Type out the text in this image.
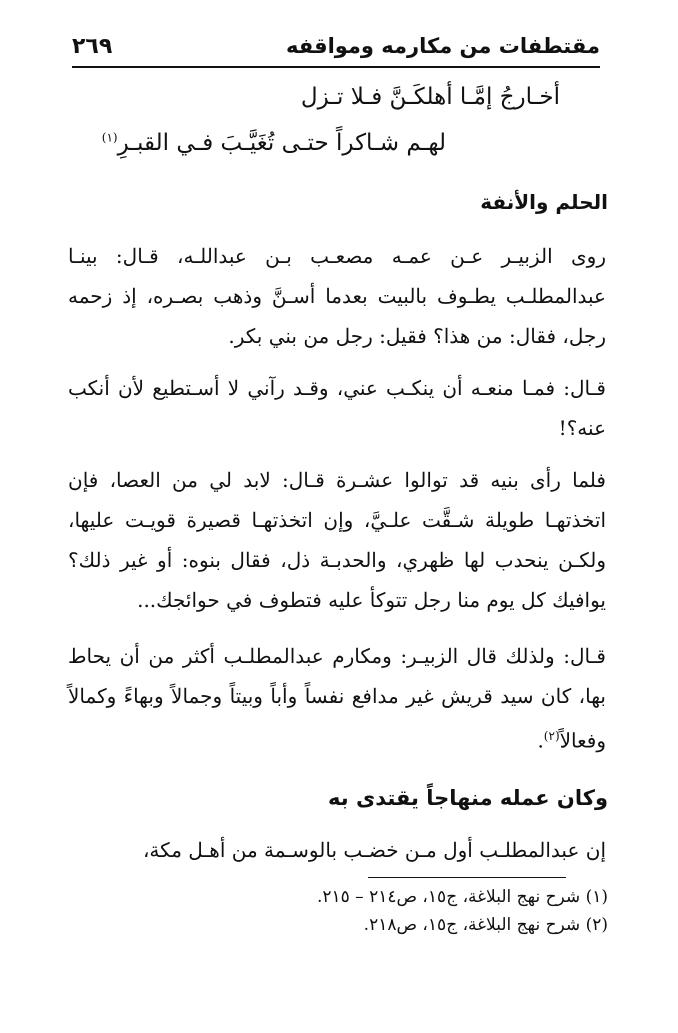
مقتطفات من مكارمه ومواقفه
٢٦٩
أخـارجُ إمَّـا أهلكَـنَّ فـلا تـزل
لهـم شـاكراً حتـى تُغَيَّـبَ فـي القبـرِ$^{(١)}$
الحلم والأنفة

روى الزبيـر عـن عمـه مصعـب بـن عبداللـه، قـال: بينـا عبدالمطلـب يطـوف بالبيت بعدما أسـنَّ وذهب بصـره، إذ زحمه رجل، فقال: من هذا؟ فقيل: رجل من بني بكر.

قـال: فمـا منعـه أن ينكـب عني، وقـد رآني لا أسـتطيع لأن أنكب عنه؟!

فلما رأى بنيه قد توالوا عشـرة قـال: لابد لي من العصا، فإن اتخذتهـا طويلة شـقَّت علـيَّ، وإن اتخذتهـا قصيرة قويـت عليها، ولكـن ينحدب لها ظهري، والحدبـة ذل، فقال بنوه: أو غير ذلك؟ يوافيك كل يوم منا رجل تتوكأ عليه فتطوف في حوائجك...

قـال: ولذلك قال الزبيـر: ومكارم عبدالمطلـب أكثر من أن يحاط بها، كان سيد قريش غير مدافع نفساً وأباً وبيتاً وجمالاً وبهاءً وكمالاً وفعالاً$^{(٢)}$.

وكان عمله منهاجاً يقتدى به

إن عبدالمطلـب أول مـن خضـب بالوسـمة من أهـل مكة،

(١) شرح نهج البلاغة، ج١٥، ص٢١٤ – ٢١٥.
(٢) شرح نهج البلاغة، ج١٥، ص٢١٨.
